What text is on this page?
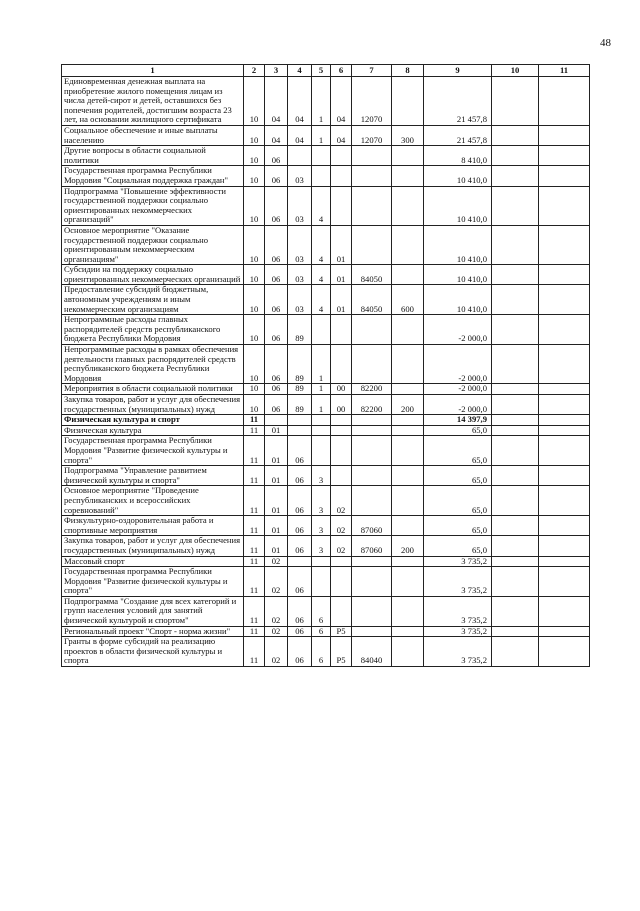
48
1	2	3	4	5	6	7	8	9	10	11
Единовременная денежная выплата на приобретение жилого помещения лицам из числа детей-сирот и детей, оставшихся без попечения родителей, достигшим возраста 23 лет, на основании жилищного сертификата	10	04	04	1	04	12070		21 457,8		
Социальное обеспечение и иные выплаты населению	10	04	04	1	04	12070	300	21 457,8		
Другие вопросы в области социальной политики	10	06						8 410,0		
Государственная программа Республики Мордовия "Социальная поддержка граждан"	10	06	03					10 410,0		
Подпрограмма "Повышение эффективности государственной поддержки социально ориентированных некоммерческих организаций"	10	06	03	4				10 410,0		
Основное мероприятие "Оказание государственной поддержки социально ориентированным некоммерческим организациям"	10	06	03	4	01			10 410,0		
Субсидии на поддержку социально ориентированных некоммерческих организаций	10	06	03	4	01	84050		10 410,0		
Предоставление субсидий бюджетным, автономным учреждениям и иным некоммерческим организациям	10	06	03	4	01	84050	600	10 410,0		
Непрограммные расходы главных распорядителей средств республиканского бюджета Республики Мордовия	10	06	89					-2 000,0		
Непрограммные расходы в рамках обеспечения деятельности главных распорядителей средств республиканского бюджета Республики Мордовия	10	06	89	1				-2 000,0		
Мероприятия в области социальной политики	10	06	89	1	00	82200		-2 000,0		
Закупка товаров, работ и услуг для обеспечения государственных (муниципальных) нужд	10	06	89	1	00	82200	200	-2 000,0		
Физическая культура и спорт	11							14 397,9		
Физическая культура	11	01						65,0		
Государственная программа Республики Мордовия "Развитие физической культуры и спорта"	11	01	06					65,0		
Подпрограмма "Управление развитием физической культуры и спорта"	11	01	06	3				65,0		
Основное мероприятие "Проведение республиканских и всероссийских соревнований"	11	01	06	3	02			65,0		
Физкультурно-оздоровительная работа и спортивные мероприятия	11	01	06	3	02	87060		65,0		
Закупка товаров, работ и услуг для обеспечения государственных (муниципальных) нужд	11	01	06	3	02	87060	200	65,0		
Массовый спорт	11	02						3 735,2		
Государственная программа Республики Мордовия "Развитие физической культуры и спорта"	11	02	06					3 735,2		
Подпрограмма "Создание для всех категорий и групп населения условий для занятий физической культурой и спортом"	11	02	06	6				3 735,2		
Региональный проект "Спорт - норма жизни"	11	02	06	6	P5			3 735,2		
Гранты в форме субсидий на реализацию проектов в области физической культуры и спорта	11	02	06	6	P5	84040		3 735,2		
